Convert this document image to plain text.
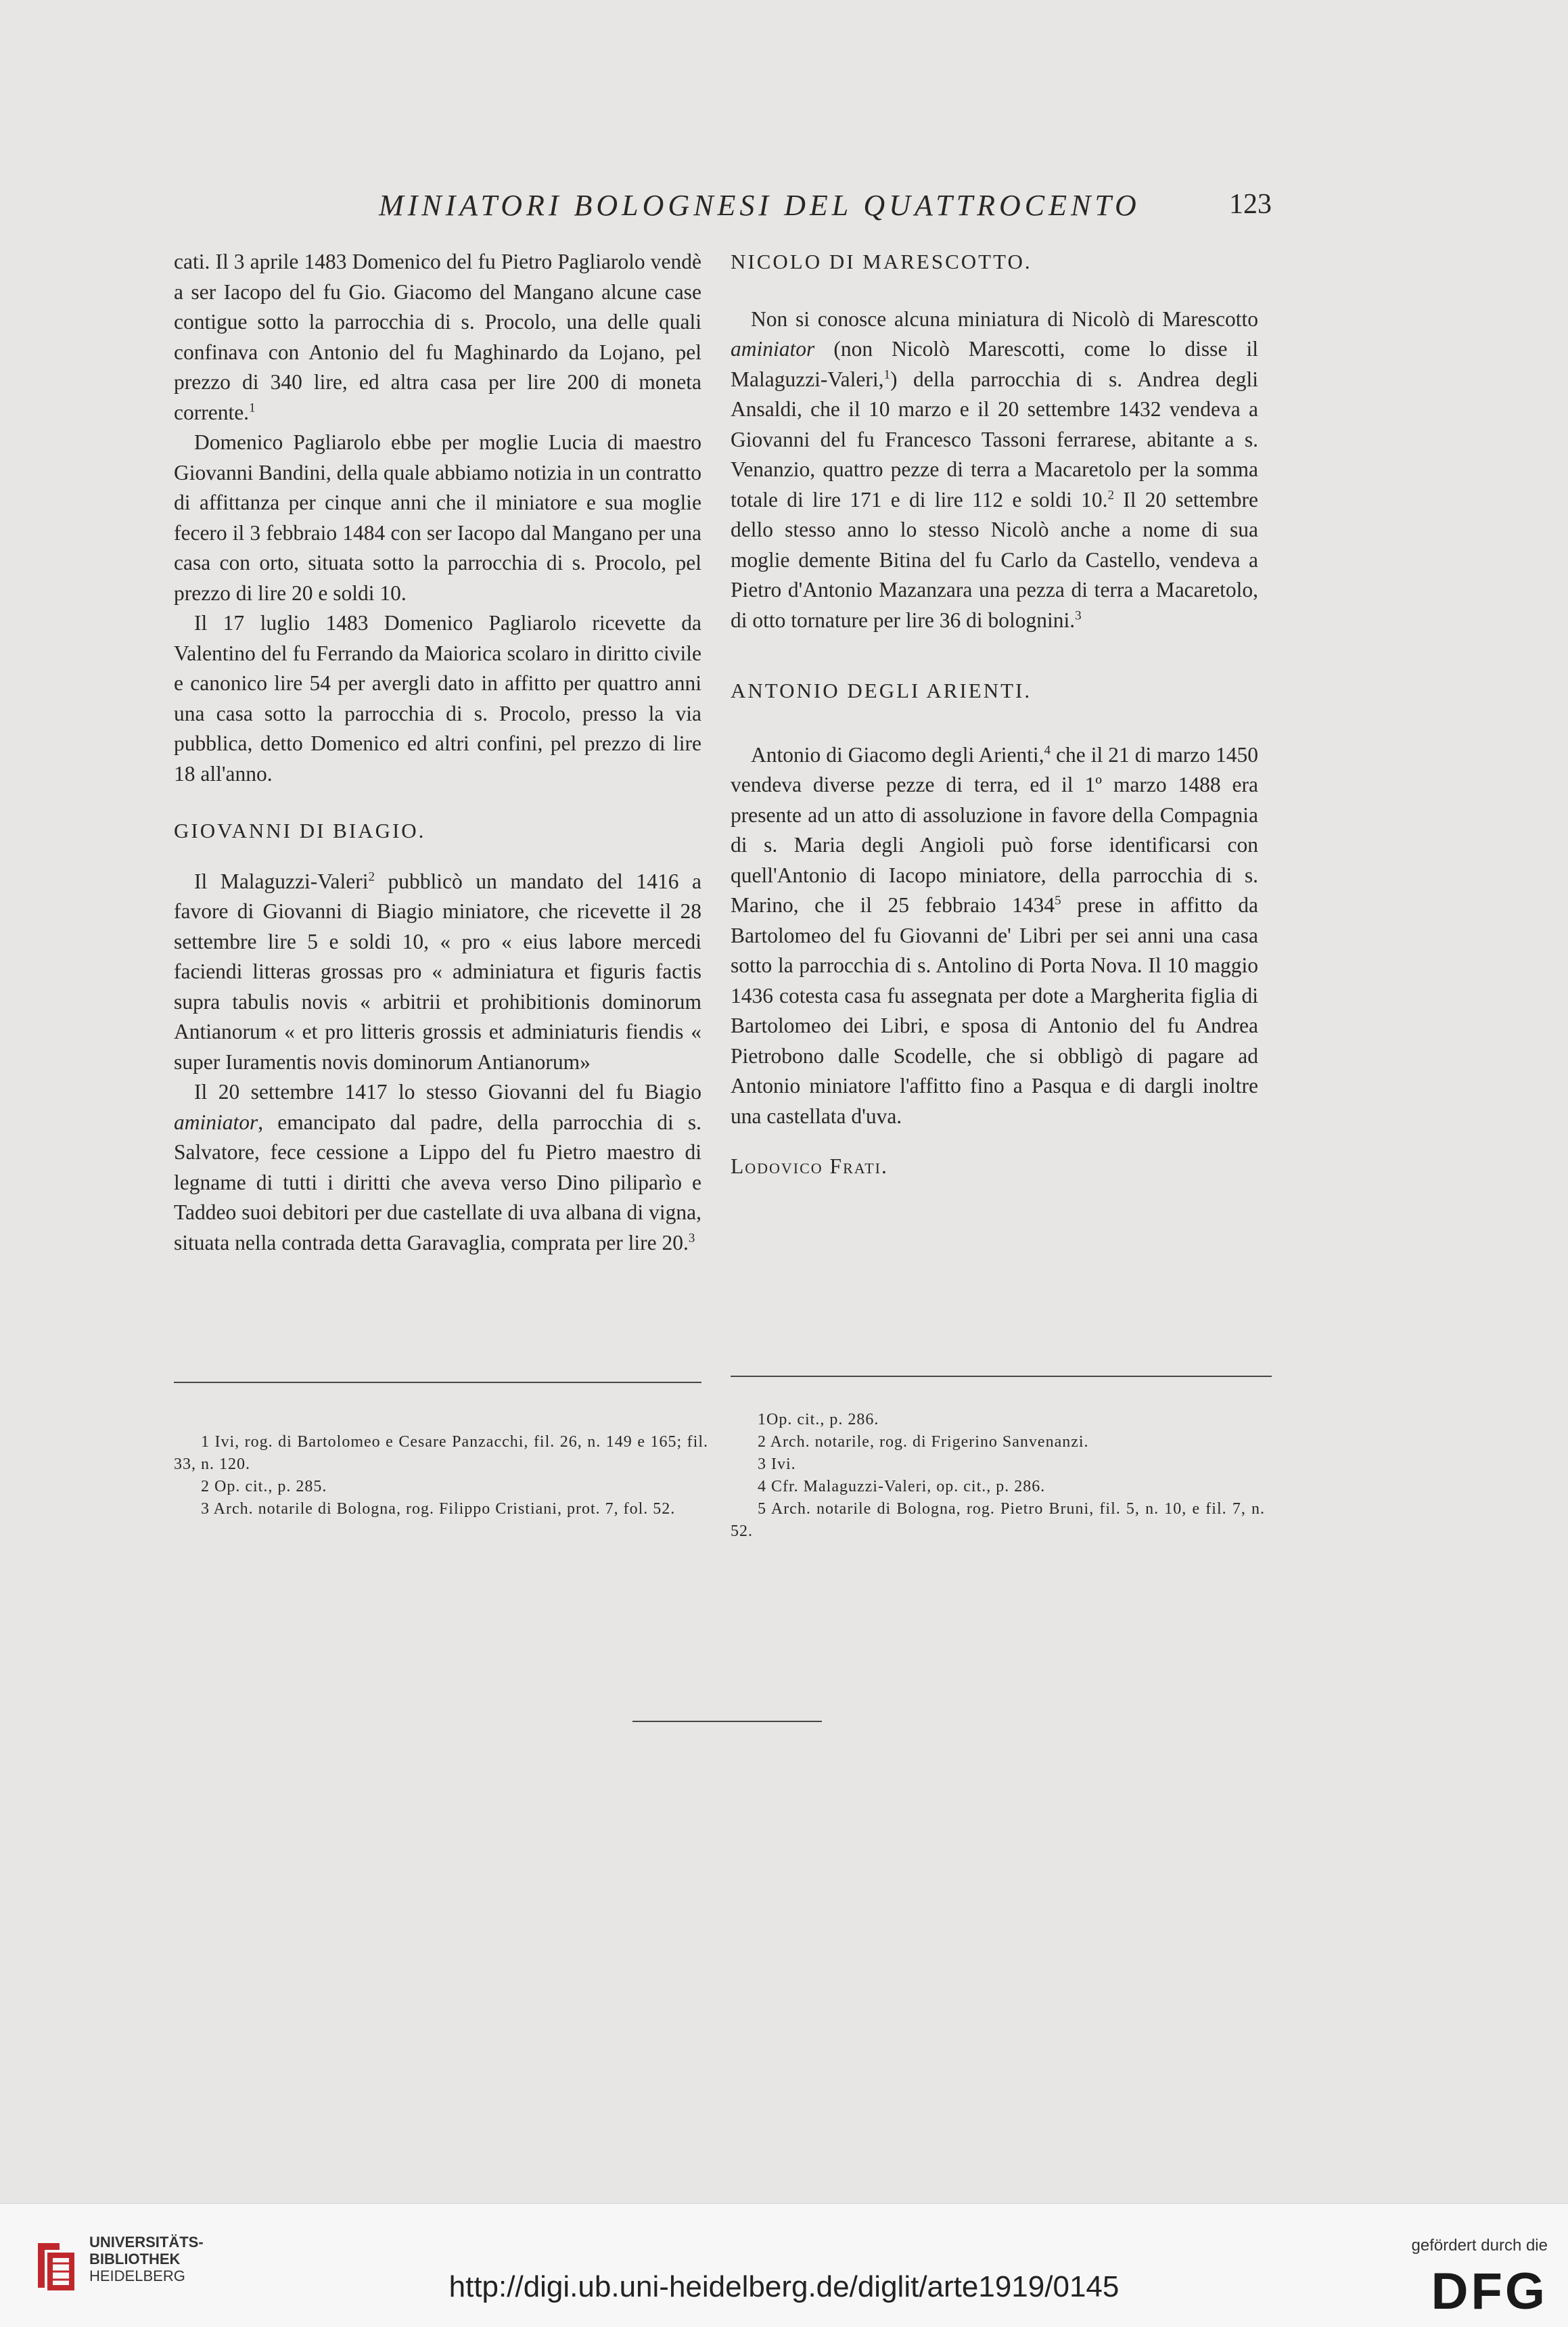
MINIATORI BOLOGNESI DEL QUATTROCENTO	123

cati. Il 3 aprile 1483 Domenico del fu Pietro Pagliarolo vendè a ser Iacopo del fu Gio. Giacomo del Mangano alcune case contigue sotto la parrocchia di s. Procolo, una delle quali confinava con Antonio del fu Maghinardo da Lojano, pel prezzo di 340 lire, ed altra casa per lire 200 di moneta corrente.$^1$

Domenico Pagliarolo ebbe per moglie Lucia di maestro Giovanni Bandini, della quale abbiamo notizia in un contratto di affittanza per cinque anni che il miniatore e sua moglie fecero il 3 febbraio 1484 con ser Iacopo dal Mangano per una casa con orto, situata sotto la parrocchia di s. Procolo, pel prezzo di lire 20 e soldi 10.

Il 17 luglio 1483 Domenico Pagliarolo ricevette da Valentino del fu Ferrando da Maiorica scolaro in diritto civile e canonico lire 54 per avergli dato in affitto per quattro anni una casa sotto la parrocchia di s. Procolo, presso la via pubblica, detto Domenico ed altri confini, pel prezzo di lire 18 all'anno.

GIOVANNI DI BIAGIO.

Il Malaguzzi-Valeri$^2$ pubblicò un mandato del 1416 a favore di Giovanni di Biagio miniatore, che ricevette il 28 settembre lire 5 e soldi 10, « pro « eius labore mercedi faciendi litteras grossas pro « adminiatura et figuris factis supra tabulis novis « arbitrii et prohibitionis dominorum Antianorum « et pro litteris grossis et adminiaturis fiendis « super Iuramentis novis dominorum Antianorum»

Il 20 settembre 1417 lo stesso Giovanni del fu Biagio aminiator, emancipato dal padre, della parrocchia di s. Salvatore, fece cessione a Lippo del fu Pietro maestro di legname di tutti i diritti che aveva verso Dino piliparìo e Taddeo suoi debitori per due castellate di uva albana di vigna, situata nella contrada detta Garavaglia, comprata per lire 20.$^3$

NICOLO DI MARESCOTTO.

Non si conosce alcuna miniatura di Nicolò di Marescotto aminiator (non Nicolò Marescotti, come lo disse il Malaguzzi-Valeri,$^1$) della parrocchia di s. Andrea degli Ansaldi, che il 10 marzo e il 20 settembre 1432 vendeva a Giovanni del fu Francesco Tassoni ferrarese, abitante a s. Venanzio, quattro pezze di terra a Macaretolo per la somma totale di lire 171 e di lire 112 e soldi 10.$^2$ Il 20 settembre dello stesso anno lo stesso Nicolò anche a nome di sua moglie demente Bitina del fu Carlo da Castello, vendeva a Pietro d'Antonio Mazanzara una pezza di terra a Macaretolo, di otto tornature per lire 36 di bolognini.$^3$

ANTONIO DEGLI ARIENTI.

Antonio di Giacomo degli Arienti,$^4$ che il 21 di marzo 1450 vendeva diverse pezze di terra, ed il 1º marzo 1488 era presente ad un atto di assoluzione in favore della Compagnia di s. Maria degli Angioli può forse identificarsi con quell'Antonio di Iacopo miniatore, della parrocchia di s. Marino, che il 25 febbraio 1434$^5$ prese in affitto da Bartolomeo del fu Giovanni de' Libri per sei anni una casa sotto la parrocchia di s. Antolino di Porta Nova. Il 10 maggio 1436 cotesta casa fu assegnata per dote a Margherita figlia di Bartolomeo dei Libri, e sposa di Antonio del fu Andrea Pietrobono dalle Scodelle, che si obbligò di pagare ad Antonio miniatore l'affitto fino a Pasqua e di dargli inoltre una castellata d'uva.

Lodovico Frati.

1 Ivi, rog. di Bartolomeo e Cesare Panzacchi, fil. 26, n. 149 e 165; fil. 33, n. 120.

2 Op. cit., p. 285.

3 Arch. notarile di Bologna, rog. Filippo Cristiani, prot. 7, fol. 52.

1Op. cit., p. 286.

2 Arch. notarile, rog. di Frigerino Sanvenanzi.

3 Ivi.

4 Cfr. Malaguzzi-Valeri, op. cit., p. 286.

5 Arch. notarile di Bologna, rog. Pietro Bruni, fil. 5, n. 10, e fil. 7, n. 52.

UNIVERSITÄTS-
BIBLIOTHEK
HEIDELBERG	http://digi.ub.uni-heidelberg.de/diglit/arte1919/0145
gefördert durch die
DFG
